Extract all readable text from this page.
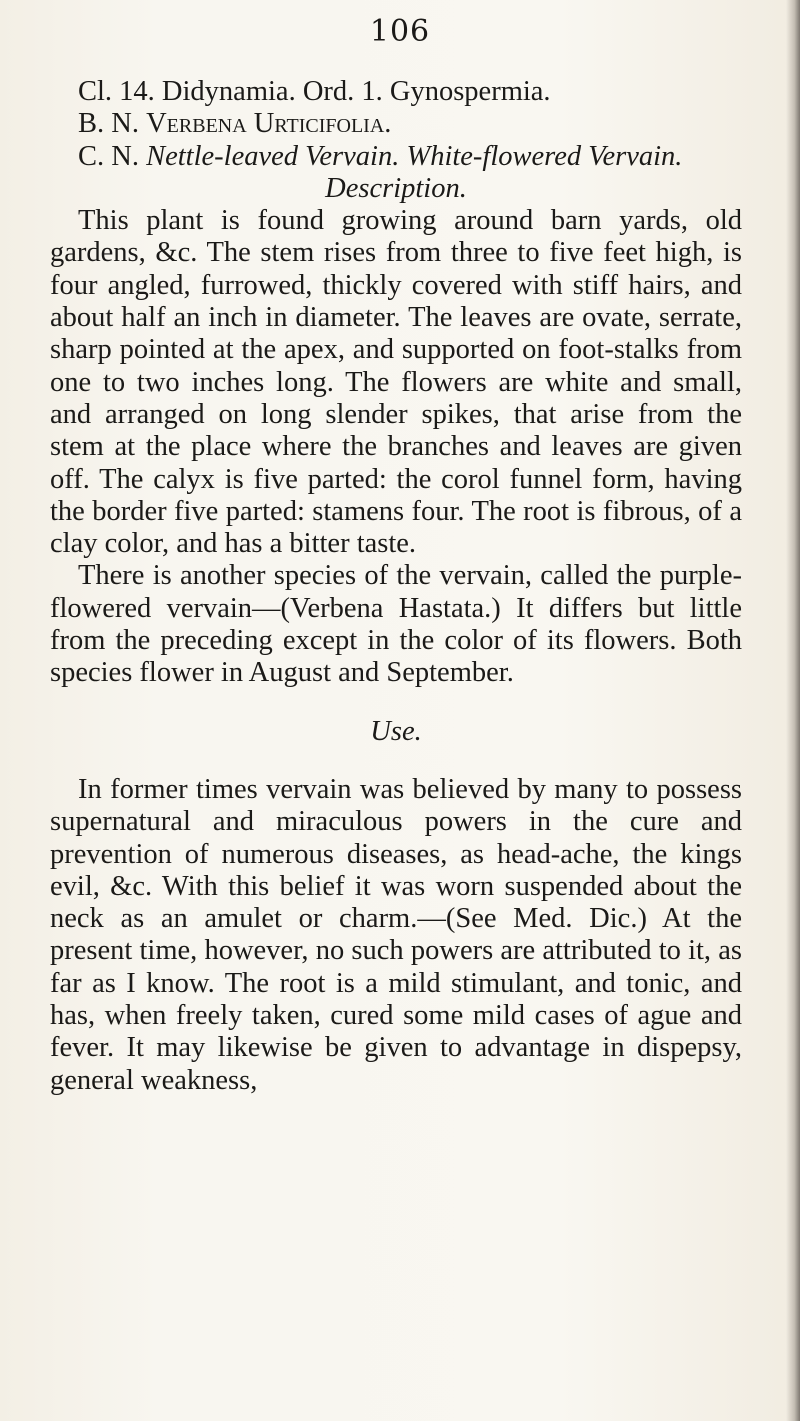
106

Cl. 14. Didynamia. Ord. 1. Gynospermia.

B. N. Verbena Urticifolia.

C. N. Nettle-leaved Vervain. White-flowered Vervain.

Description.

This plant is found growing around barn yards, old gardens, &c. The stem rises from three to five feet high, is four angled, furrowed, thickly covered with stiff hairs, and about half an inch in diameter. The leaves are ovate, serrate, sharp pointed at the apex, and supported on foot-stalks from one to two inches long. The flowers are white and small, and arranged on long slender spikes, that arise from the stem at the place where the branches and leaves are given off. The calyx is five parted: the corol funnel form, having the border five parted: stamens four. The root is fibrous, of a clay color, and has a bitter taste.

There is another species of the vervain, called the purple-flowered vervain—(Verbena Hastata.) It differs but little from the preceding except in the color of its flowers. Both species flower in August and September.

Use.

In former times vervain was believed by many to possess supernatural and miraculous powers in the cure and prevention of numerous diseases, as head-ache, the kings evil, &c. With this belief it was worn suspended about the neck as an amulet or charm.—(See Med. Dic.) At the present time, however, no such powers are attributed to it, as far as I know. The root is a mild stimulant, and tonic, and has, when freely taken, cured some mild cases of ague and fever. It may likewise be given to advantage in dispepsy, general weakness,
